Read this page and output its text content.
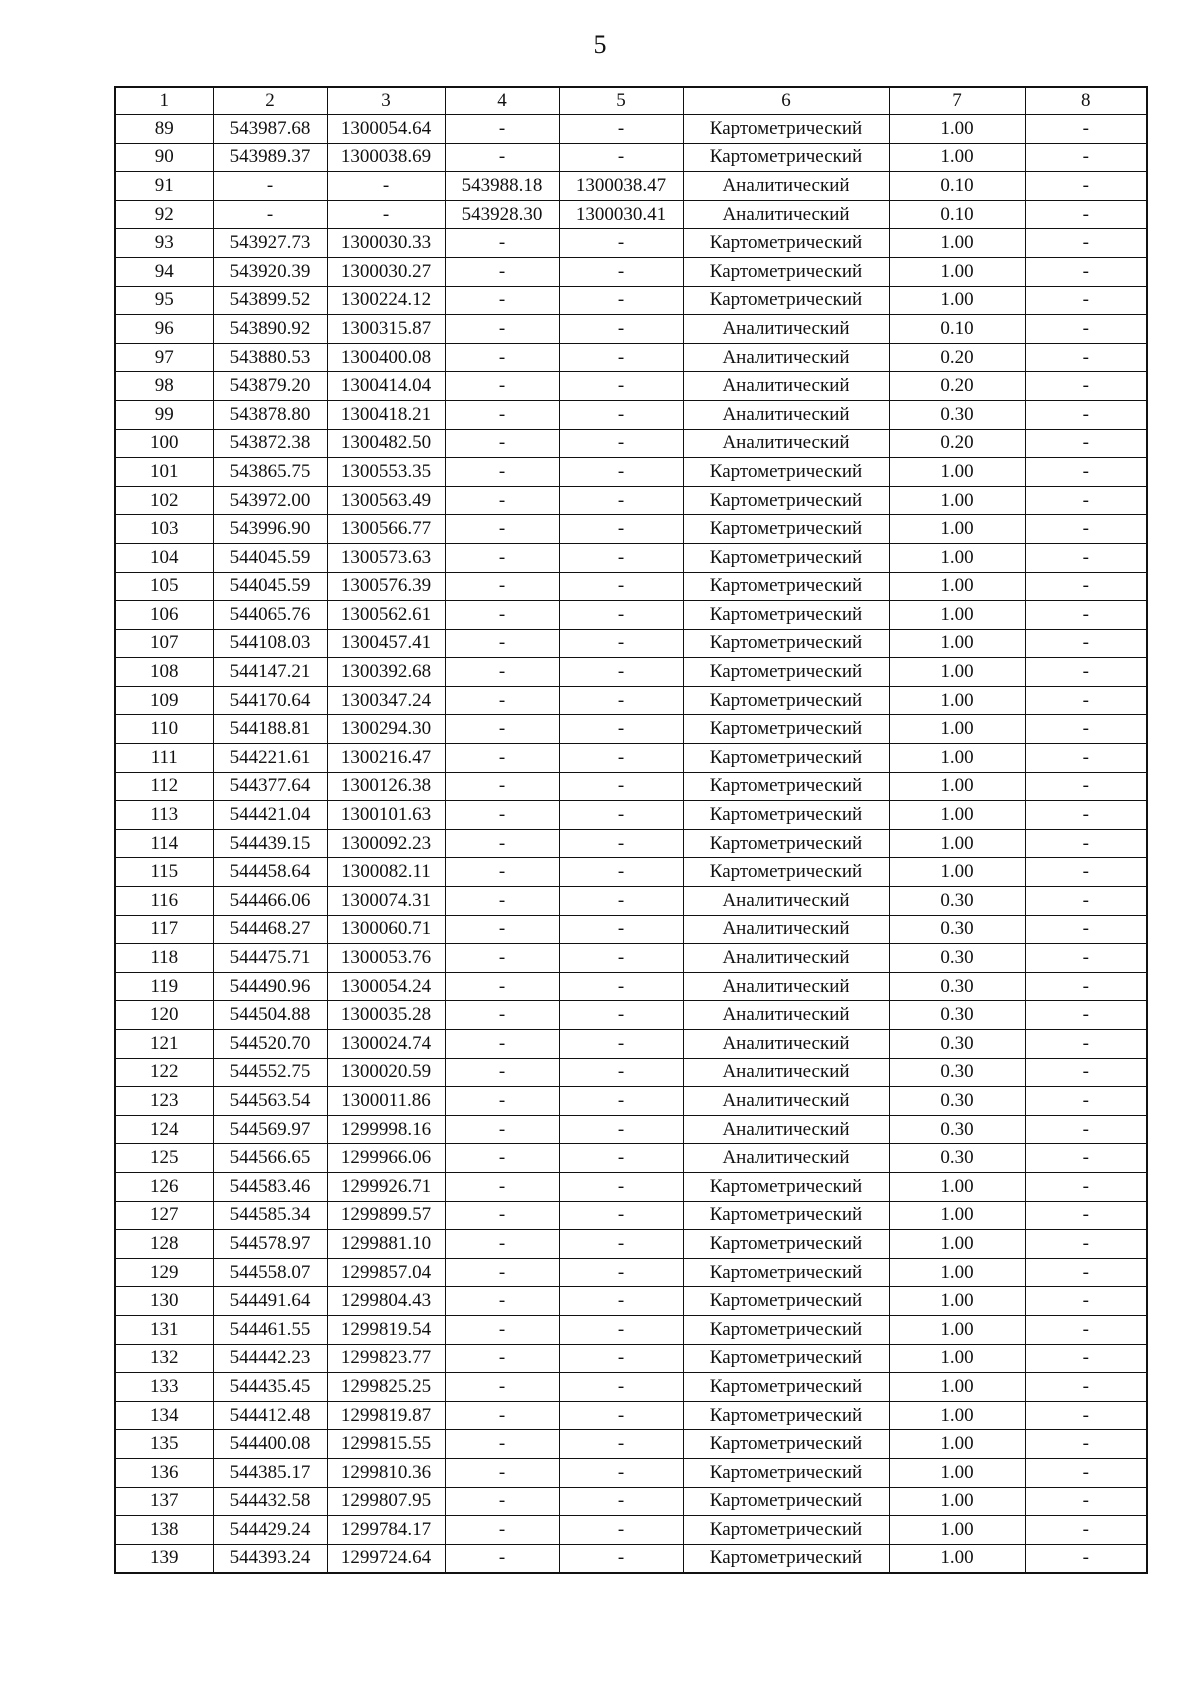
5
1	2	3	4	5	6	7	8
89	543987.68	1300054.64	-	-	Картометрический	1.00	-
90	543989.37	1300038.69	-	-	Картометрический	1.00	-
91	-	-	543988.18	1300038.47	Аналитический	0.10	-
92	-	-	543928.30	1300030.41	Аналитический	0.10	-
93	543927.73	1300030.33	-	-	Картометрический	1.00	-
94	543920.39	1300030.27	-	-	Картометрический	1.00	-
95	543899.52	1300224.12	-	-	Картометрический	1.00	-
96	543890.92	1300315.87	-	-	Аналитический	0.10	-
97	543880.53	1300400.08	-	-	Аналитический	0.20	-
98	543879.20	1300414.04	-	-	Аналитический	0.20	-
99	543878.80	1300418.21	-	-	Аналитический	0.30	-
100	543872.38	1300482.50	-	-	Аналитический	0.20	-
101	543865.75	1300553.35	-	-	Картометрический	1.00	-
102	543972.00	1300563.49	-	-	Картометрический	1.00	-
103	543996.90	1300566.77	-	-	Картометрический	1.00	-
104	544045.59	1300573.63	-	-	Картометрический	1.00	-
105	544045.59	1300576.39	-	-	Картометрический	1.00	-
106	544065.76	1300562.61	-	-	Картометрический	1.00	-
107	544108.03	1300457.41	-	-	Картометрический	1.00	-
108	544147.21	1300392.68	-	-	Картометрический	1.00	-
109	544170.64	1300347.24	-	-	Картометрический	1.00	-
110	544188.81	1300294.30	-	-	Картометрический	1.00	-
111	544221.61	1300216.47	-	-	Картометрический	1.00	-
112	544377.64	1300126.38	-	-	Картометрический	1.00	-
113	544421.04	1300101.63	-	-	Картометрический	1.00	-
114	544439.15	1300092.23	-	-	Картометрический	1.00	-
115	544458.64	1300082.11	-	-	Картометрический	1.00	-
116	544466.06	1300074.31	-	-	Аналитический	0.30	-
117	544468.27	1300060.71	-	-	Аналитический	0.30	-
118	544475.71	1300053.76	-	-	Аналитический	0.30	-
119	544490.96	1300054.24	-	-	Аналитический	0.30	-
120	544504.88	1300035.28	-	-	Аналитический	0.30	-
121	544520.70	1300024.74	-	-	Аналитический	0.30	-
122	544552.75	1300020.59	-	-	Аналитический	0.30	-
123	544563.54	1300011.86	-	-	Аналитический	0.30	-
124	544569.97	1299998.16	-	-	Аналитический	0.30	-
125	544566.65	1299966.06	-	-	Аналитический	0.30	-
126	544583.46	1299926.71	-	-	Картометрический	1.00	-
127	544585.34	1299899.57	-	-	Картометрический	1.00	-
128	544578.97	1299881.10	-	-	Картометрический	1.00	-
129	544558.07	1299857.04	-	-	Картометрический	1.00	-
130	544491.64	1299804.43	-	-	Картометрический	1.00	-
131	544461.55	1299819.54	-	-	Картометрический	1.00	-
132	544442.23	1299823.77	-	-	Картометрический	1.00	-
133	544435.45	1299825.25	-	-	Картометрический	1.00	-
134	544412.48	1299819.87	-	-	Картометрический	1.00	-
135	544400.08	1299815.55	-	-	Картометрический	1.00	-
136	544385.17	1299810.36	-	-	Картометрический	1.00	-
137	544432.58	1299807.95	-	-	Картометрический	1.00	-
138	544429.24	1299784.17	-	-	Картометрический	1.00	-
139	544393.24	1299724.64	-	-	Картометрический	1.00	-
